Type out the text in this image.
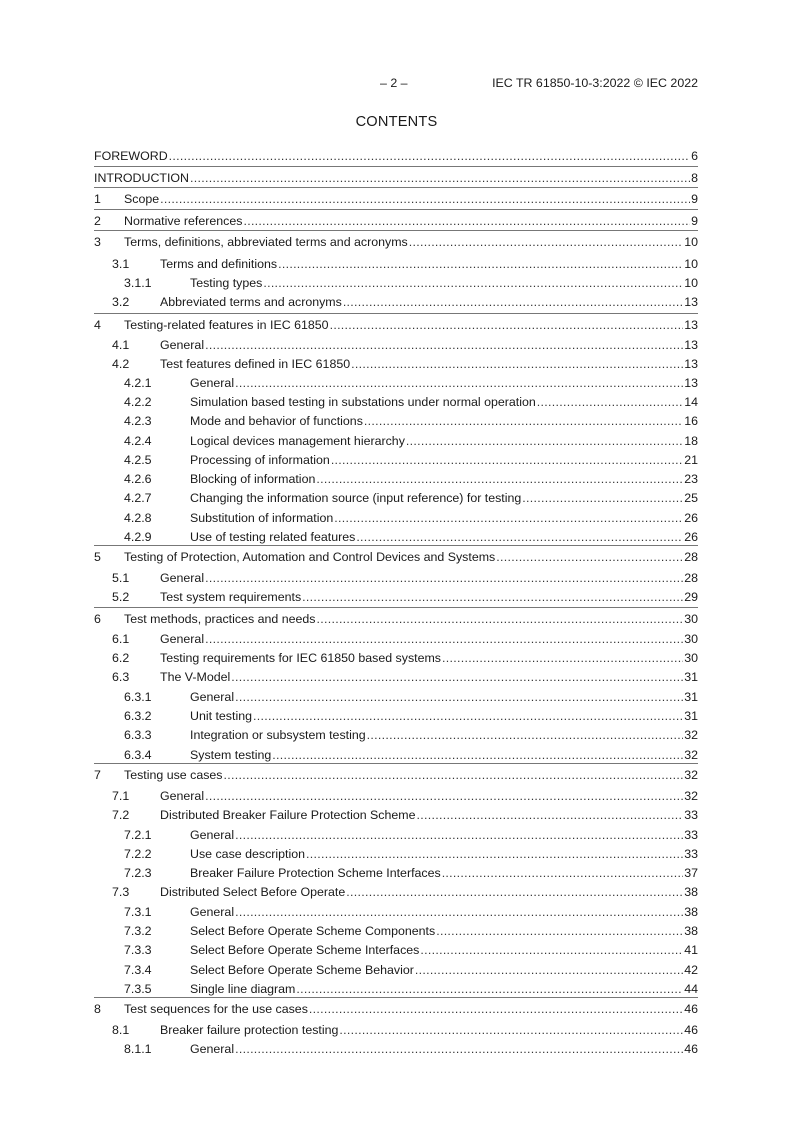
– 2 –	IEC TR 61850-10-3:2022 © IEC 2022
CONTENTS
FOREWORD .....	6
INTRODUCTION .....	8
1	Scope .....	9
2	Normative references .....	9
3	Terms, definitions, abbreviated terms and acronyms .....	10
3.1	Terms and definitions .....	10
3.1.1	Testing types .....	10
3.2	Abbreviated terms and acronyms .....	13
4	Testing-related features in IEC 61850 .....	13
4.1	General .....	13
4.2	Test features defined in IEC 61850 .....	13
4.2.1	General .....	13
4.2.2	Simulation based testing in substations under normal operation .....	14
4.2.3	Mode and behavior of functions .....	16
4.2.4	Logical devices management hierarchy .....	18
4.2.5	Processing of information .....	21
4.2.6	Blocking of information .....	23
4.2.7	Changing the information source (input reference) for testing .....	25
4.2.8	Substitution of information .....	26
4.2.9	Use of testing related features .....	26
5	Testing of Protection, Automation and Control Devices and Systems .....	28
5.1	General .....	28
5.2	Test system requirements .....	29
6	Test methods, practices and needs .....	30
6.1	General .....	30
6.2	Testing requirements for IEC 61850 based systems .....	30
6.3	The V-Model .....	31
6.3.1	General .....	31
6.3.2	Unit testing .....	31
6.3.3	Integration or subsystem testing .....	32
6.3.4	System testing .....	32
7	Testing use cases .....	32
7.1	General .....	32
7.2	Distributed Breaker Failure Protection Scheme .....	33
7.2.1	General .....	33
7.2.2	Use case description .....	33
7.2.3	Breaker Failure Protection Scheme Interfaces .....	37
7.3	Distributed Select Before Operate .....	38
7.3.1	General .....	38
7.3.2	Select Before Operate Scheme Components .....	38
7.3.3	Select Before Operate Scheme Interfaces .....	41
7.3.4	Select Before Operate Scheme Behavior .....	42
7.3.5	Single line diagram .....	44
8	Test sequences for the use cases .....	46
8.1	Breaker failure protection testing .....	46
8.1.1	General .....	46
